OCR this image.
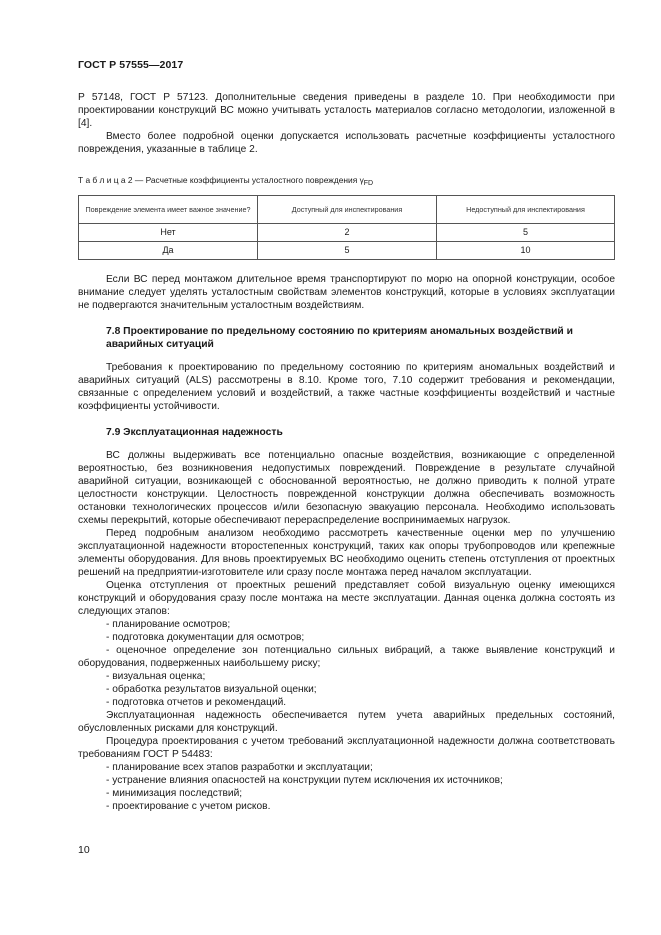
ГОСТ Р 57555—2017

Р 57148, ГОСТ Р 57123. Дополнительные сведения приведены в разделе 10. При необходимости при проектировании конструкций ВС можно учитывать усталость материалов согласно методологии, изложенной в [4].

Вместо более подробной оценки допускается использовать расчетные коэффициенты усталостного повреждения, указанные в таблице 2.

Т а б л и ц а 2 — Расчетные коэффициенты усталостного повреждения $\gamma_{FD}$
Повреждение элемента имеет важное значение?	Доступный для инспектирования	Недоступный для инспектирования
Нет	2	5
Да	5	10

Если ВС перед монтажом длительное время транспортируют по морю на опорной конструкции, особое внимание следует уделять усталостным свойствам элементов конструкций, которые в условиях эксплуатации не подвергаются значительным усталостным воздействиям.

7.8 Проектирование по предельному состоянию по критериям аномальных воздействий и аварийных ситуаций

Требования к проектированию по предельному состоянию по критериям аномальных воздействий и аварийных ситуаций (ALS) рассмотрены в 8.10. Кроме того, 7.10 содержит требования и рекомендации, связанные с определением условий и воздействий, а также частные коэффициенты воздействий и частные коэффициенты устойчивости.

7.9 Эксплуатационная надежность

ВС должны выдерживать все потенциально опасные воздействия, возникающие с определенной вероятностью, без возникновения недопустимых повреждений. Повреждение в результате случайной аварийной ситуации, возникающей с обоснованной вероятностью, не должно приводить к полной утрате целостности конструкции. Целостность поврежденной конструкции должна обеспечивать возможность остановки технологических процессов и/или безопасную эвакуацию персонала. Необходимо использовать схемы перекрытий, которые обеспечивают перераспределение воспринимаемых нагрузок.

Перед подробным анализом необходимо рассмотреть качественные оценки мер по улучшению эксплуатационной надежности второстепенных конструкций, таких как опоры трубопроводов или крепежные элементы оборудования. Для вновь проектируемых ВС необходимо оценить степень отступления от проектных решений на предприятии-изготовителе или сразу после монтажа перед началом эксплуатации.

Оценка отступления от проектных решений представляет собой визуальную оценку имеющихся конструкций и оборудования сразу после монтажа на месте эксплуатации. Данная оценка должна состоять из следующих этапов:

- планирование осмотров;
- подготовка документации для осмотров;
- оценочное определение зон потенциально сильных вибраций, а также выявление конструкций и оборудования, подверженных наибольшему риску;
- визуальная оценка;
- обработка результатов визуальной оценки;
- подготовка отчетов и рекомендаций.

Эксплуатационная надежность обеспечивается путем учета аварийных предельных состояний, обусловленных рисками для конструкций.

Процедура проектирования с учетом требований эксплуатационной надежности должна соответствовать требованиям ГОСТ Р 54483:

- планирование всех этапов разработки и эксплуатации;
- устранение влияния опасностей на конструкции путем исключения их источников;
- минимизация последствий;
- проектирование с учетом рисков.
10
